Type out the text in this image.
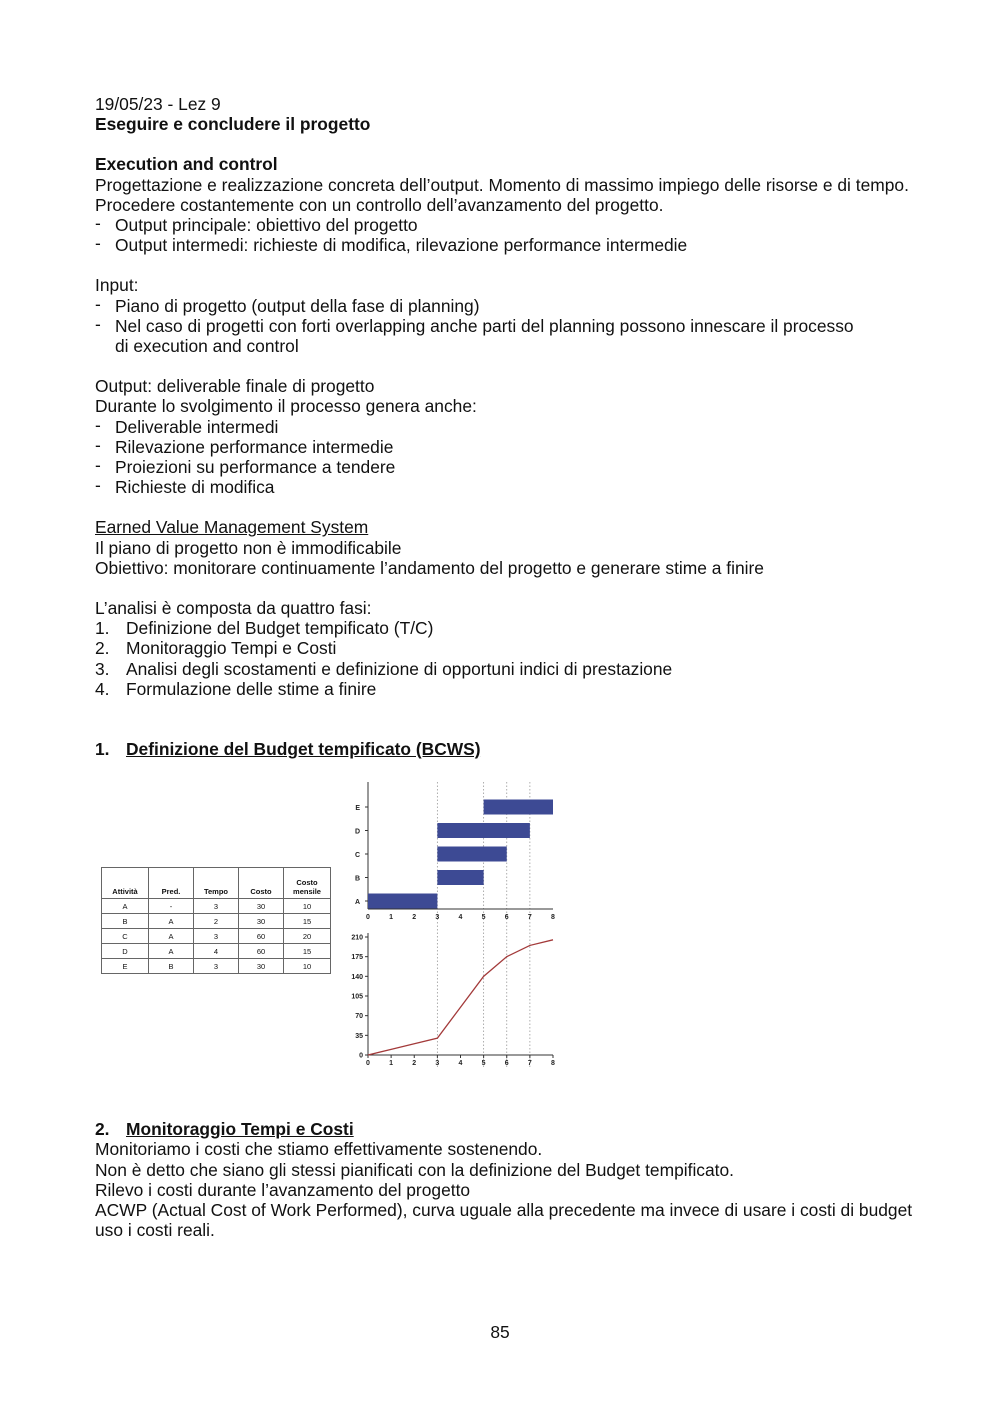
19/05/23 - Lez 9

Eseguire e concludere il progetto

Execution and control

Progettazione e realizzazione concreta dell’output. Momento di massimo impiego delle risorse e di tempo.

Procedere costantemente con un controllo dell’avanzamento del progetto.

- Output principale: obiettivo del progetto
- Output intermedi: richieste di modifica, rilevazione performance intermedie

Input:

- Piano di progetto (output della fase di planning)
- Nel caso di progetti con forti overlapping anche parti del planning possono innescare il processo di execution and control

Output: deliverable finale di progetto

Durante lo svolgimento il processo genera anche:

- Deliverable intermedi
- Rilevazione performance intermedie
- Proiezioni su performance a tendere
- Richieste di modifica

Earned Value Management System

Il piano di progetto non è immodificabile

Obiettivo: monitorare continuamente l’andamento del progetto e generare stime a finire

L’analisi è composta da quattro fasi:

1. Definizione del Budget tempificato (T/C)
2. Monitoraggio Tempi e Costi
3. Analisi degli scostamenti e definizione di opportuni indici di prestazione
4. Formulazione delle stime a finire
1. Definizione del Budget tempificato (BCWS)
Attività	Pred.	Tempo	Costo	Costo mensile
A	-	3	30	10
B	A	2	30	15
C	A	3	60	20
D	A	4	60	15
E	B	3	30	10
A
B
C
D
E
0	1	2	3	4	5	6	7	8
0
35
70
105
140
175
210
0	1	2	3	4	5	6	7	8
2. Monitoraggio Tempi e Costi

Monitoriamo i costi che stiamo effettivamente sostenendo.

Non è detto che siano gli stessi pianificati con la definizione del Budget tempificato.

Rilevo i costi durante l’avanzamento del progetto

ACWP (Actual Cost of Work Performed), curva uguale alla precedente ma invece di usare i costi di budget uso i costi reali.

85
